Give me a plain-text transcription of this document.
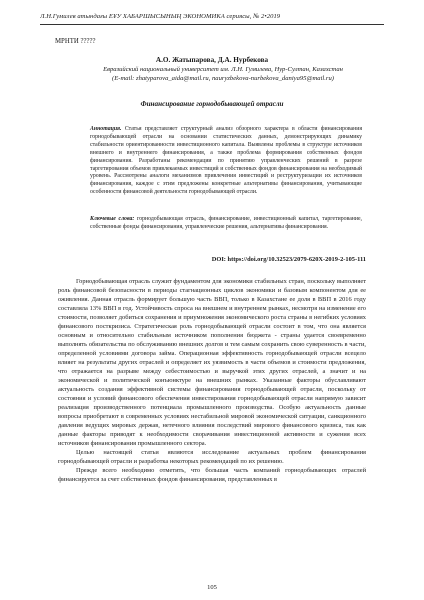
Л.Н.Гумилев атындағы ЕҰУ ХАБАРШЫСЫНЫҢ ЭКОНОМИКА сериясы, № 2•2019
МРНТИ ?????
А.О. Жатыпарова, Д.А. Нурбекова
Евразийский национальный университет им. Л.Н. Гумилева, Нур-Султан, Казахстан
(E-mail: zhatyparova_aida@mail.ru, nauryzbekova-nurbekova_daniya95@mail.ru)
Финансирование горнодобывающей отрасли
Аннотация. Статья представляет структурный анализ обзорного характера в области финансирования горнодобывающей отрасли на основании статистических данных, демонстрирующих динамику стабильности ориентированности инвестиционного капитала. Выявлены проблемы в структуре источников внешнего и внутреннего финансирования, а также проблема формирования собственных фондов финансирования. Разработаны рекомендации по принятию управленческих решений в разрезе таргетирования объемов привлекаемых инвестиций и собственных фондов финансирования на необходимый уровень. Рассмотрены аналоги механизмов привлечения инвестиций и реструктуризации их источников финансирования, каждое с этим предложены конкретные альтернативы финансирования, учитывающие особенности финансовой деятельности горнодобывающей отрасли.
Ключевые слова: горнодобывающая отрасль, финансирование, инвестиционный капитал, таргетирование, собственные фонды финансирования, управленческие решения, альтернативы финансирования.
DOI: https://doi.org/10.32523/2079-620X-2019-2-105-111

Горнодобывающая отрасль служит фундаментом для экономики стабильных стран, поскольку выполняет роль финансовой безопасности в периоды стагнационных циклов экономики и базовым компонентом для ее оживления. Данная отрасль формирует большую часть ВВП, только в Казахстане ее доля в ВВП в 2016 году составляла 13% ВВП в год. Устойчивость спроса на внешнем и внутреннем рынках, несмотря на изменение его стоимости, позволяет добиться сохранения и приумножения экономического роста страны в негибких условиях финансового посткризиса. Стратегическая роль горнодобывающей отрасли состоит в том, что она является основным и относительно стабильным источником пополнения бюджета - страны удается своевременно выполнять обязательства по обслуживанию внешних долгов и тем самым сохранить свою суверенность в части, определенной условиями договора займа. Операционная эффективность горнодобывающей отрасли всецело влияет на результаты других отраслей и определяет их уязвимость в части объемов и стоимости предложения, что отражается на разрыве между себестоимостью и выручкой этих других отраслей, а значит и на экономической и политической конъюнктуре на внешних рынках. Указанные факторы обуславливают актуальность создания эффективной системы финансирования горнодобывающей отрасли, поскольку от состояния и условий финансового обеспечения инвестирования горнодобывающей отрасли напрямую зависит реализация производственного потенциала промышленного производства. Особую актуальность данные вопросы приобретают в современных условиях нестабильной мировой экономической ситуации, санкционного давления ведущих мировых держав, нетечного влияния последствий мирового финансового кризиса, так как данные факторы приводят к необходимости сворачивания инвестиционной активности и сужения всех источников финансирования промышленного сектора.

Целью настоящей статьи являются исследование актуальных проблем финансирования горнодобывающей отрасли и разработка некоторых рекомендаций по их решению.

Прежде всего необходимо отметить, что большая часть компаний горнодобывающих отраслей финансируется за счет собственных фондов финансирования, представленных в

105
